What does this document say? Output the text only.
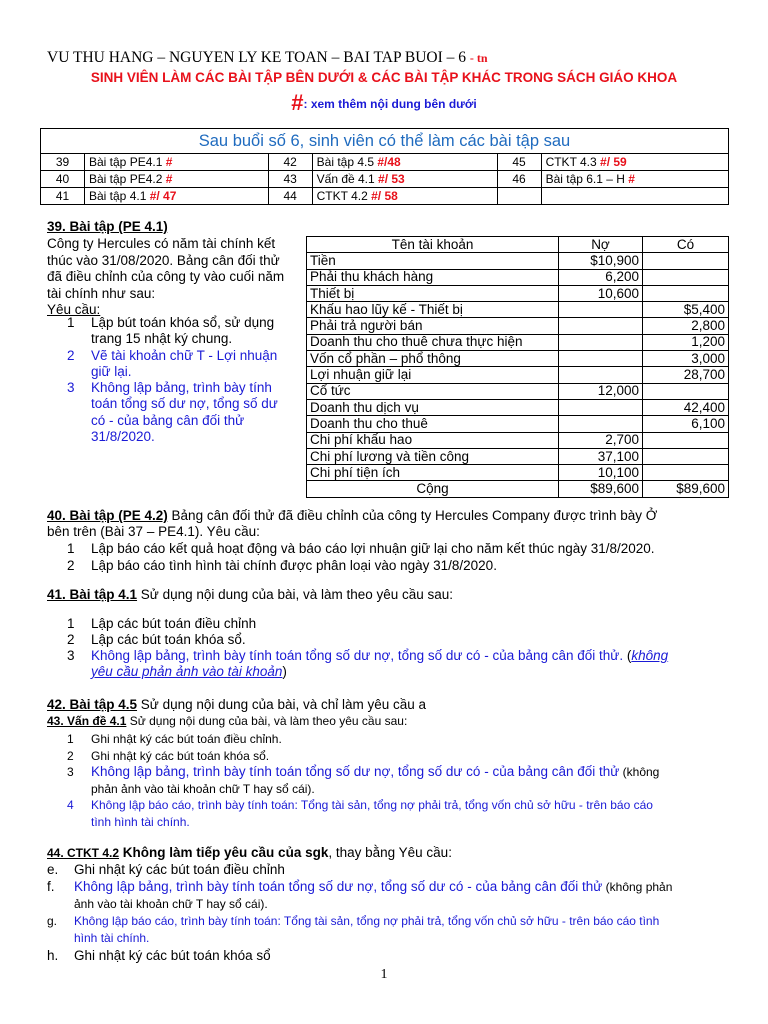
VU THU HANG – NGUYEN LY KE TOAN – BAI TAP BUOI – 6 - tn
SINH VIÊN LÀM CÁC BÀI TẬP BÊN DƯỚI & CÁC BÀI TẬP KHÁC TRONG SÁCH GIÁO KHOA
#: xem thêm nội dung bên dưới
Sau buổi số 6, sinh viên có thể làm các bài tập sau					
39	Bài tập PE4.1 #	42	Bài tập 4.5 #/48	45	CTKT 4.3 #/ 59
40	Bài tập PE4.2 #	43	Vấn đề 4.1 #/ 53	46	Bài tập 6.1 – H #
41	Bài tập 4.1 #/ 47	44	CTKT 4.2 #/ 58		
39. Bài tập (PE 4.1)
Công ty Hercules có năm tài chính kết
thúc vào 31/08/2020. Bảng cân đối thử
đã điều chỉnh của công ty vào cuối năm
tài chính như sau:
Yêu cầu:
1 Lập bút toán khóa sổ, sử dụng
trang 15 nhật ký chung.
2 Vẽ tài khoản chữ T - Lợi nhuận
giữ lại.
3 Không lập bảng, trình bày tính
toán tổng số dư nợ, tổng số dư
có - của bảng cân đối thử
31/8/2020.
Tên tài khoản	Nợ	Có
Tiền	$10,900	
Phải thu khách hàng	6,200	
Thiết bị	10,600	
Khấu hao lũy kế - Thiết bị		$5,400
Phải trả người bán		2,800
Doanh thu cho thuê chưa thực hiện		1,200
Vốn cổ phần – phổ thông		3,000
Lợi nhuận giữ lại		28,700
Cổ tức	12,000	
Doanh thu dịch vụ		42,400
Doanh thu cho thuê		6,100
Chi phí khấu hao	2,700	
Chi phí lương và tiền công	37,100	
Chi phí tiện ích	10,100	
Cộng	$89,600	$89,600
40. Bài tập (PE 4.2) Bảng cân đối thử đã điều chỉnh của công ty Hercules Company được trình bày Ở
bên trên (Bài 37 – PE4.1). Yêu cầu:
1 Lập báo cáo kết quả hoạt động và báo cáo lợi nhuận giữ lại cho năm kết thúc ngày 31/8/2020.
2 Lập báo cáo tình hình tài chính được phân loại vào ngày 31/8/2020.
41. Bài tập 4.1 Sử dụng nội dung của bài, và làm theo yêu cầu sau:
1 Lập các bút toán điều chỉnh
2 Lập các bút toán khóa sổ.
3 Không lập bảng, trình bày tính toán tổng số dư nợ, tổng số dư có - của bảng cân đối thử. (không
yêu cầu phản ảnh vào tài khoản)
42. Bài tập 4.5 Sử dụng nội dung của bài, và chỉ làm yêu cầu a
43. Vấn đề 4.1 Sử dụng nội dung của bài, và làm theo yêu cầu sau:
1 Ghi nhật ký các bút toán điều chỉnh.
2 Ghi nhật ký các bút toán khóa sổ.
3 Không lập bảng, trình bày tính toán tổng số dư nợ, tổng số dư có - của bảng cân đối thử (không
phản ảnh vào tài khoản chữ T hay sổ cái).
4 Không lập báo cáo, trình bày tính toán: Tổng tài sản, tổng nợ phải trả, tổng vốn chủ sở hữu - trên báo cáo
tình hình tài chính.
44. CTKT 4.2 Không làm tiếp yêu cầu của sgk, thay bằng Yêu cầu:
e. Ghi nhật ký các bút toán điều chỉnh
f. Không lập bảng, trình bày tính toán tổng số dư nợ, tổng số dư có - của bảng cân đối thử (không phản
ảnh vào tài khoản chữ T hay sổ cái).
g. Không lập báo cáo, trình bày tính toán: Tổng tài sản, tổng nợ phải trả, tổng vốn chủ sở hữu - trên báo cáo tình
hình tài chính.
h. Ghi nhật ký các bút toán khóa sổ
1
